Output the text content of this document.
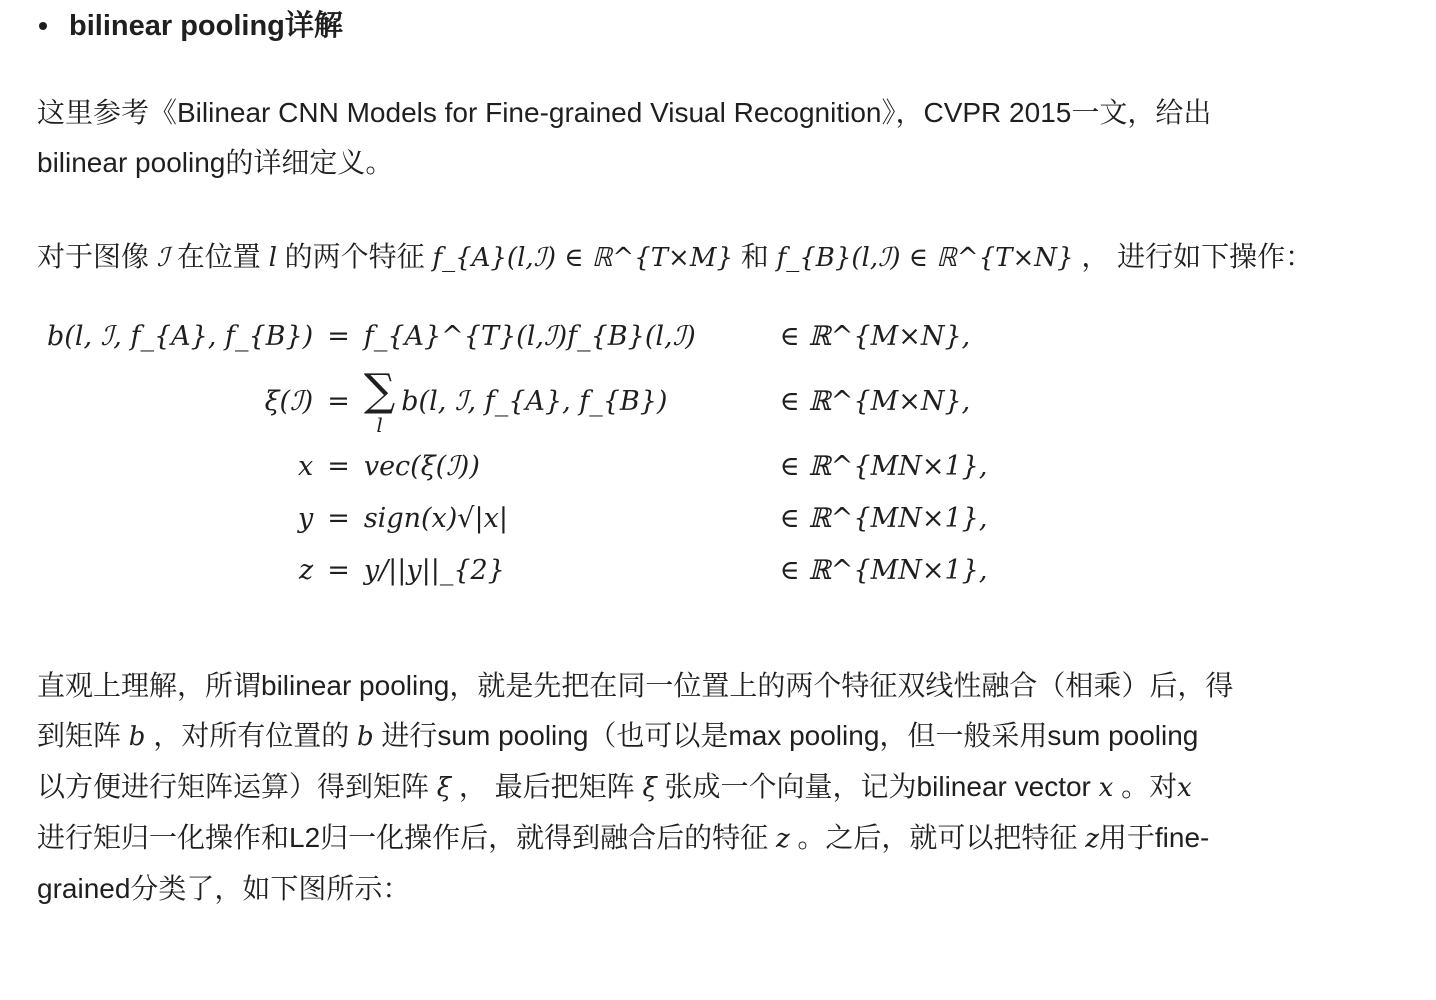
bilinear pooling详解
这里参考《Bilinear CNN Models for Fine-grained Visual Recognition》，CVPR 2015一文，给出
bilinear pooling的详细定义。
对于图像 ℐ 在位置 l 的两个特征 f_{A}(l,ℐ) ∈ ℝ^{T×M} 和 f_{B}(l,ℐ) ∈ ℝ^{T×N} ， 进行如下操作：
b(l, ℐ, f_{A}, f_{B}) = f_{A}^{T}(l,ℐ)f_{B}(l,ℐ)	∈ ℝ^{M×N},
ξ(ℐ) = ∑
l
b(l, ℐ, f_{A}, f_{B})	∈ ℝ^{M×N},
x = vec(ξ(ℐ))	∈ ℝ^{MN×1},
y = sign(x)√|x|	∈ ℝ^{MN×1},
z = y/||y||_{2}	∈ ℝ^{MN×1},
直观上理解，所谓bilinear pooling，就是先把在同一位置上的两个特征双线性融合（相乘）后，得
到矩阵 b ，对所有位置的 b 进行sum pooling（也可以是max pooling，但一般采用sum pooling
以方便进行矩阵运算）得到矩阵 ξ ， 最后把矩阵 ξ 张成一个向量，记为bilinear vector x 。对x
进行矩归一化操作和L2归一化操作后，就得到融合后的特征 z 。之后，就可以把特征 z用于fine-
grained分类了，如下图所示：
